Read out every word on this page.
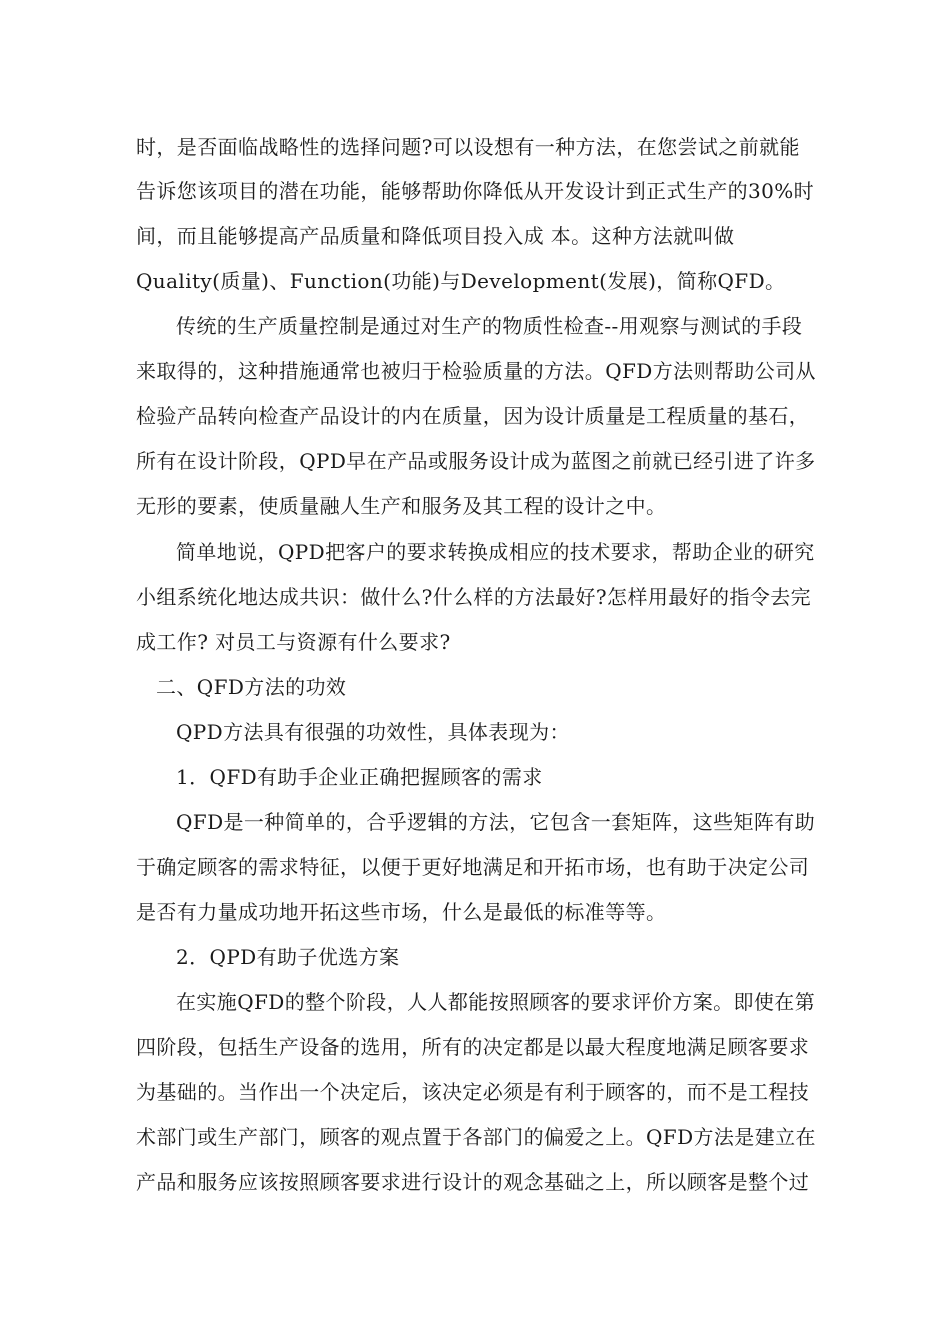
时，是否面临战略性的选择问题?可以设想有一种方法，在您尝试之前就能
告诉您该项目的潜在功能，能够帮助你降低从开发设计到正式生产的30%时
间，而且能够提高产品质量和降低项目投入成 本。这种方法就叫做
Quality(质量)、Function(功能)与Development(发展)，简称QFD。
传统的生产质量控制是通过对生产的物质性检查--用观察与测试的手段
来取得的，这种措施通常也被归于检验质量的方法。QFD方法则帮助公司从
检验产品转向检查产品设计的内在质量，因为设计质量是工程质量的基石，
所有在设计阶段，QPD早在产品或服务设计成为蓝图之前就已经引进了许多
无形的要素，使质量融人生产和服务及其工程的设计之中。
简单地说，QPD把客户的要求转换成相应的技术要求，帮助企业的研究
小组系统化地达成共识：做什么?什么样的方法最好?怎样用最好的指令去完
成工作? 对员工与资源有什么要求?
二、QFD方法的功效
QPD方法具有很强的功效性，具体表现为：
1．QFD有助手企业正确把握顾客的需求
QFD是一种简单的，合乎逻辑的方法，它包含一套矩阵，这些矩阵有助
于确定顾客的需求特征，以便于更好地满足和开拓市场，也有助于决定公司
是否有力量成功地开拓这些市场，什么是最低的标准等等。
2．QPD有助子优选方案
在实施QFD的整个阶段，人人都能按照顾客的要求评价方案。即使在第
四阶段，包括生产设备的选用，所有的决定都是以最大程度地满足顾客要求
为基础的。当作出一个决定后，该决定必须是有利于顾客的，而不是工程技
术部门或生产部门，顾客的观点置于各部门的偏爱之上。QFD方法是建立在
产品和服务应该按照顾客要求进行设计的观念基础之上，所以顾客是整个过
